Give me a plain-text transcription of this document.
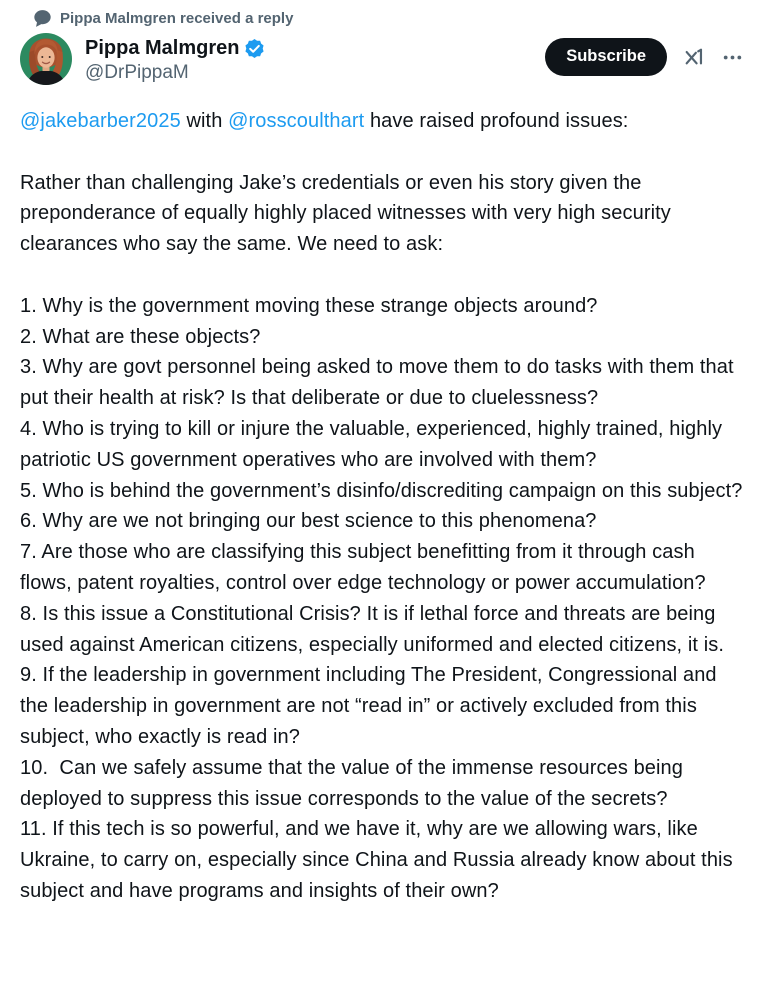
Pippa Malmgren received a reply
Pippa Malmgren
@DrPippaM
Subscribe
@jakebarber2025 with @rosscoulthart have raised profound issues:
Rather than challenging Jake’s credentials or even his story given the preponderance of equally highly placed witnesses with very high security clearances who say the same. We need to ask:
1. Why is the government moving these strange objects around?
2. What are these objects?
3. Why are govt personnel being asked to move them to do tasks with them that put their health at risk? Is that deliberate or due to cluelessness?
4. Who is trying to kill or injure the valuable, experienced, highly trained, highly patriotic US government operatives who are involved with them?
5. Who is behind the government’s disinfo/discrediting campaign on this subject?
6. Why are we not bringing our best science to this phenomena?
7. Are those who are classifying this subject benefitting from it through cash flows, patent royalties, control over edge technology or power accumulation?
8. Is this issue a Constitutional Crisis? It is if lethal force and threats are being used against American citizens, especially uniformed and elected citizens, it is.
9. If the leadership in government including The President, Congressional and the leadership in government are not “read in” or actively excluded from this subject, who exactly is read in?
10.  Can we safely assume that the value of the immense resources being deployed to suppress this issue corresponds to the value of the secrets?
11. If this tech is so powerful, and we have it, why are we allowing wars, like Ukraine, to carry on, especially since China and Russia already know about this subject and have programs and insights of their own?
